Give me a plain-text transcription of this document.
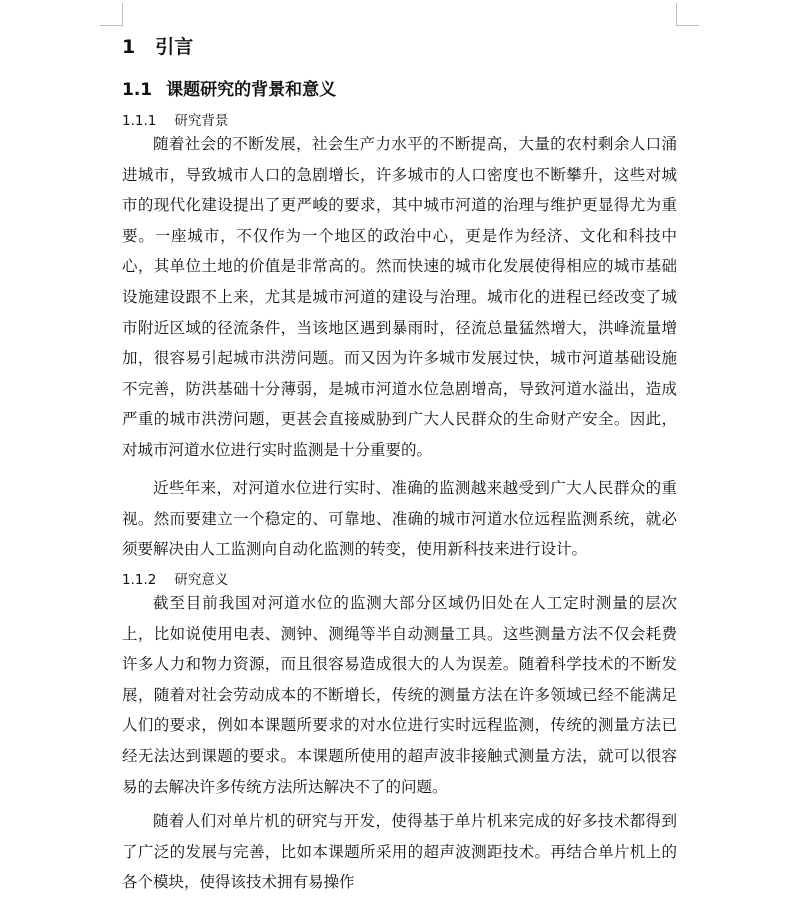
1 引言
1.1 课题研究的背景和意义
1.1.1 研究背景

随着社会的不断发展，社会生产力水平的不断提高，大量的农村剩余人口涌进城市，导致城市人口的急剧增长，许多城市的人口密度也不断攀升，这些对城市的现代化建设提出了更严峻的要求，其中城市河道的治理与维护更显得尤为重要。一座城市，不仅作为一个地区的政治中心，更是作为经济、文化和科技中心，其单位土地的价值是非常高的。然而快速的城市化发展使得相应的城市基础设施建设跟不上来，尤其是城市河道的建设与治理。城市化的进程已经改变了城市附近区域的径流条件，当该地区遇到暴雨时，径流总量猛然增大，洪峰流量增加，很容易引起城市洪涝问题。而又因为许多城市发展过快，城市河道基础设施不完善，防洪基础十分薄弱，是城市河道水位急剧增高，导致河道水溢出，造成严重的城市洪涝问题，更甚会直接威胁到广大人民群众的生命财产安全。因此，对城市河道水位进行实时监测是十分重要的。

近些年来，对河道水位进行实时、准确的监测越来越受到广大人民群众的重视。然而要建立一个稳定的、可靠地、准确的城市河道水位远程监测系统，就必须要解决由人工监测向自动化监测的转变，使用新科技来进行设计。

1.1.2 研究意义

截至目前我国对河道水位的监测大部分区域仍旧处在人工定时测量的层次上，比如说使用电表、测钟、测绳等半自动测量工具。这些测量方法不仅会耗费许多人力和物力资源，而且很容易造成很大的人为误差。随着科学技术的不断发展，随着对社会劳动成本的不断增长，传统的测量方法在许多领域已经不能满足人们的要求，例如本课题所要求的对水位进行实时远程监测，传统的测量方法已经无法达到课题的要求。本课题所使用的超声波非接触式测量方法，就可以很容易的去解决许多传统方法所达解决不了的问题。

随着人们对单片机的研究与开发，使得基于单片机来完成的好多技术都得到了广泛的发展与完善，比如本课题所采用的超声波测距技术。再结合单片机上的各个模块，使得该技术拥有易操作
